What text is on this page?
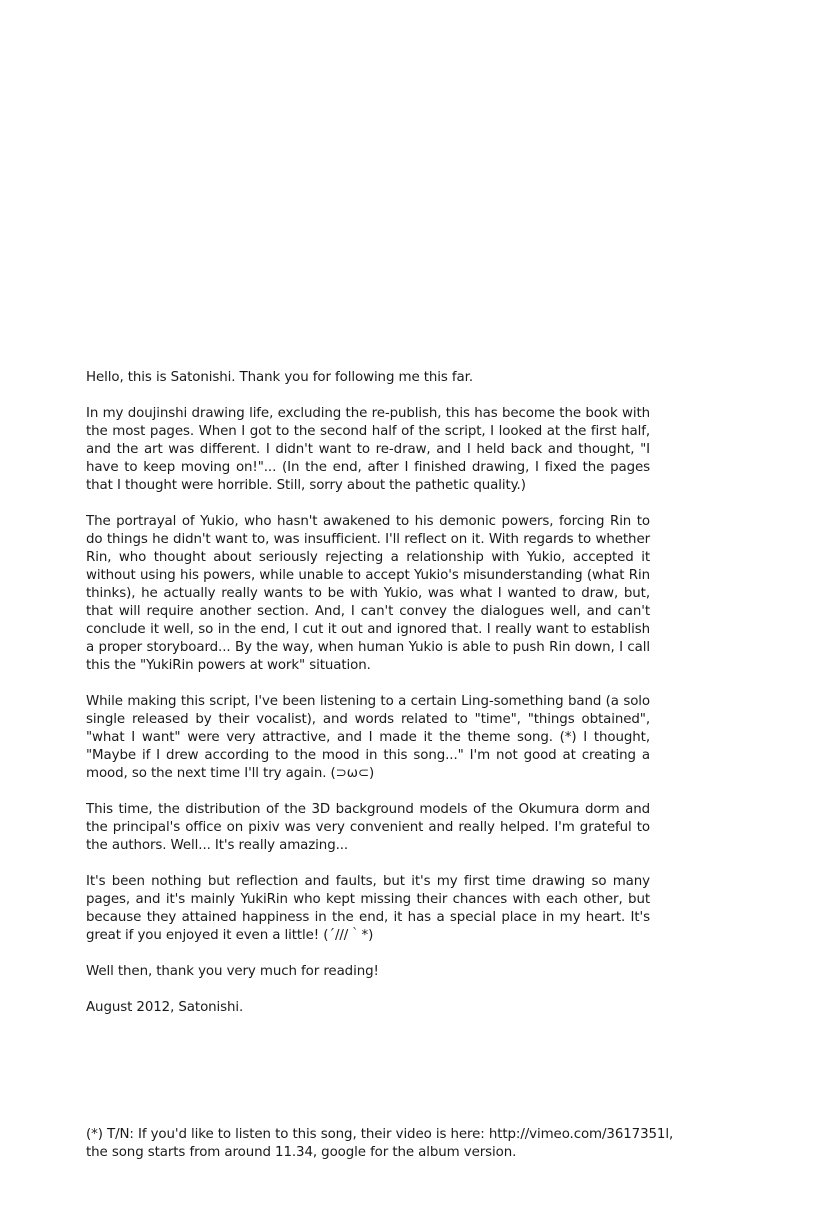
Hello, this is Satonishi. Thank you for following me this far.

In my doujinshi drawing life, excluding the re-publish, this has become the book with the most pages. When I got to the second half of the script, I looked at the first half, and the art was different. I didn't want to re-draw, and I held back and thought, "I have to keep moving on!"... (In the end, after I finished drawing, I fixed the pages that I thought were horrible. Still, sorry about the pathetic quality.)

The portrayal of Yukio, who hasn't awakened to his demonic powers, forcing Rin to do things he didn't want to, was insufficient. I'll reflect on it. With regards to whether Rin, who thought about seriously rejecting a relationship with Yukio, accepted it without using his powers, while unable to accept Yukio's misunderstanding (what Rin thinks), he actually really wants to be with Yukio, was what I wanted to draw, but, that will require another section. And, I can't convey the dialogues well, and can't conclude it well, so in the end, I cut it out and ignored that. I really want to establish a proper storyboard... By the way, when human Yukio is able to push Rin down, I call this the "YukiRin powers at work" situation.

While making this script, I've been listening to a certain Ling-something band (a solo single released by their vocalist), and words related to "time", "things obtained", "what I want" were very attractive, and I made it the theme song. (*) I thought, "Maybe if I drew according to the mood in this song..." I'm not good at creating a mood, so the next time I'll try again. (⊃ω⊂)

This time, the distribution of the 3D background models of the Okumura dorm and the principal's office on pixiv was very convenient and really helped. I'm grateful to the authors. Well... It's really amazing...

It's been nothing but reflection and faults, but it's my first time drawing so many pages, and it's mainly YukiRin who kept missing their chances with each other, but because they attained happiness in the end, it has a special place in my heart. It's great if you enjoyed it even a little! (´///｀*)

Well then, thank you very much for reading!

August 2012, Satonishi.

(*) T/N: If you'd like to listen to this song, their video is here: http://vimeo.com/3617351l,

the song starts from around 11.34, google for the album version.
